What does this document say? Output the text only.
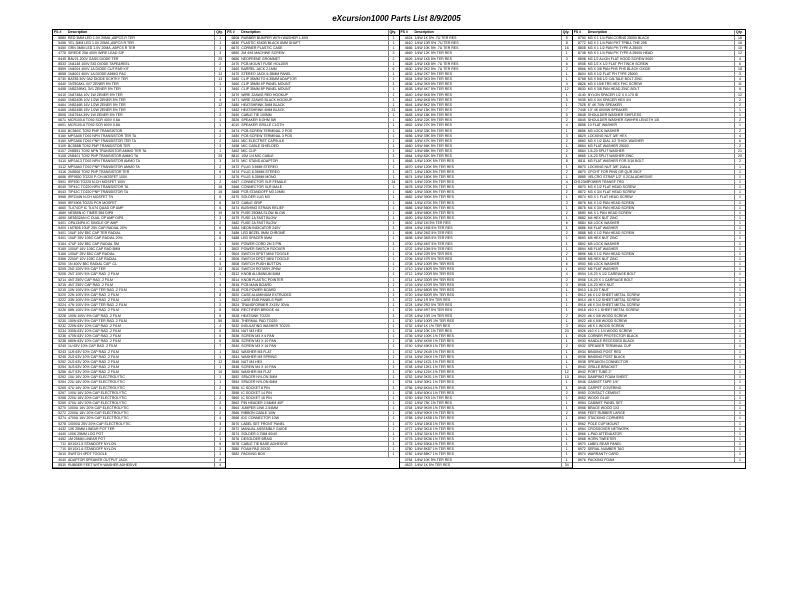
eXcursion1000 Parts List 8/9/2005
FS #	Description	Qty.
5880	RED 3MM LED 1.0V 20MA ,A5PCS R TER	1
5456	YEL 3MM LED 1.0V 20MA ,A5PCS R TER	1
5450	GRN 3MM LED 1.0V 20MA ,A5PCS R TER	1
4775	SIREDE 25A 400V WIRE LEAD SIP	3
8445	BAV21 200V GASS DIODE TER	25
8533	1N4148 100V SIG DIODE TAPE&REEL	2
8559	1N4004 400V 1A DIODE CUT/FAR KIT	2
8658	1N4001 400V 1A DIODE AMMO PAC	12
6730	BAT85 30V 0A2 DIODE SCHTKY TER	13
6440	1N750AKL 4V7 ZENER 5% TER	1
6458	1N5229BKL 3V1 ZENER 5% TER	1
6410	1N4748A 10V 1W ZENER 5% TER	1
6460	1N5240B 10V 1/2W ZENER 5% TER	4
6464	1N5246B 16V 1/2W ZENER 5% TER	12
6465	1N5245B 15V 1/2W ZENER 5% TER	7
6505	1N4754A 39V 1W ZENER 5% TER	2
6671	MCR100-6 TO92 SCR 400V 0.8A	1
6601	MCR100-6 TO92 SCR 600V 0.8A	1
5100	BC560C TO92 PNP TRANSISTOR	4
5160	MPSA05 TO92 NPN TRANSISTOR TER TA	2
5160	MPSA56 TO92 PNP TRANSISTOR TER TA	2
5105	BC558B TO92 PNP TRANSISTOR TER	3
5107	2N5551 TO92 NPN TRANSISTOR AMMO TER TA	1
5108	2N5401 TO92 PNP TRANSISTOR AMMO TA	25
5110	MPSA13 TO92 NPN TRANSISTOR AMMO TA	3
5112	MPSA63 TO92 PNP TRANSISTOR AMMO TA	2
5116	2N3906 TO92 PNP TRANSISTOR TER	6
6656	IRF9530 TO220 P-CH MOSFET 100V	1
5901	IRF530 TO220 N-CH MOSFET 100V	2
8040	TIP41C TO220 NPN TRANSISTOR TA	16
8043	TIP42C TO220 PNP TRANSISTOR TA	16
5968	IRFZ44N N-CH MOSFET TN	6
5969	IRF4905 TO220 PCH MOSFET	6
4660	TL074CP IC TL074 QUAD OP AMP	6
4689	NE555N IC TIMER 555 DIP8	19
4690	NE5532AN IC DUAL OP AMP DIP8	3
6401	OPA134PA IC SINGLE OP AMP	2
5400	LM7805 10UF 25V CAP RADIAL 20%	6
5401	10UF 16V 85C CAP TER RADIAL	6
5401	10UF 35V 105C CAP RADIAL 20%	6
5164	47UF 16V 85C CAP RADIAL SM	1
5165	100UF 16V 105C CAP RAD 5MM	2
5166	100UF 25V 85C CAP RADIAL	3
5366	220UF 10V 105C CAP RADIAL	4
5200	1N 400V 85C RADIAL CAP .CL	3
5205	2N2 100V 5% CAP TER	10
5208	2N7 100V 5% CAP RAD .2 FILM	1
5214	4N7 250V CAP RAD .2 FILM	7
5215	4N7 250V CAP RAD .2 FILM	4
5215	10N 100V 5% CAP TER RAD .2 FILM	1
5220	22N 100V 5% CAP RAD .2 FILM	8
5222	33N 100V 5% CAP RAD .2 FILM	1
5224	47N 100V 5% CAP TER RAD .2 FILM	2
5226	68N 100V 5% CAP RAD .2 FILM	8
5228	100N 100V 5% CAP RAD .2 FILM	5
5230	150N 63V 5% CAP TER RAD .2 FILM	56
5232	220N 63V 10% CAP RAD .2 FILM	4
5234	330N 63V 10% CAP RAD .2 FILM	5
5236	470N 63V 10% CAP RAD .2 FILM	5
5238	680N 63V 10% CAP RAD .2 FILM	6
5240	1U 63V 10% CAP RAD .2 FILM	7
5243	1U5 63V 10% CAP RAD .2 FILM	1
5245	2U2 63V 10% CAP RAD .2 FILM	1
5252	2U2 63V 20% CAP RAD .2 FILM	12
5254	3U3 63V 20% CAP RAD .2 FILM	1
5256	4U7 63V 20% CAP RAD .2 FILM	10
5262	10U 16V 20% CAP ELECTROLYTIC	1
5264	22U 16V 20% CAP ELECTROLYTIC	1
5265	47U 16V 20% CAP ELECTROLYTIC	2
5267	100U 16V 20% CAP ELECTROLYTIC	1
5268	220U 16V 20% CAP ELECTROLYTIC	2
5269	470U 16V 20% CAP ELECTROLYTIC	2
5270	1000U 16V 20% CAP ELECTROLYTIC	4
5272	2200U 16V 20% CAP ELECTROLYTIC	2
5274	4700U 16V 20% CAP ELECTROLYTIC	4
5278	10000U 25V 20% CAP ELECTROLYTIC	3
4432	10K 25MM LINEAR POT TER	2
4440	100K 25MM LOG POT	2
4452	1M 25MM LINEAR POT	1
711	8X10X1.5 STANDOFF NYLON	5
710	8X10X1.6 STANDOFF NYLON	3
2610	SWITCH 4PDT TOGGLE	1
4040	ADAPTOR SPEAKER OUTPUT JACK	4
8530	RUBBER FEET WITH WASHER ADHESIVE	4
FS #	Description	Qty.
6808	RUBBER BUMPER WITH WASHER 1.5X5	1
6830	PLASTIC KNOB BLACK 6MM SHAFT	1
6670	CORNER PLASTIC CASE	1
6850	2M 4X6 MACHINE SCREW	3
9680	NEOPRENE GROMMET	2
2470	PCB MOUNT FUSE HOLDER	1
3460	BARREL JACK 2.1MM	6
3470	STEREO JACK 6.35MM PANEL	1
3460	CLIP 35MM TO 6.35MM ADAPTOR	1
3460	CLIP 35MM 4P PANEL MOUNT	1
3460	CLIP 35MM 8P PANEL MOUNT	1
3470	WIRE 22AWG RED HOOKUP	1
3471	WIRE 22AWG BLACK HOOKUP	1
3480	HEATSHRINK 3MM BLACK	1
3482	HEATSHRINK 6MM BLACK	31
3490	CABLE TIE 100MM	1
3526	SPEAKER 8 OHM 5W	1
4010	SPEAKER GRILLE CLOTH	1
3474	PCB SCREW TERMINAL 2 POS	1
3480	PCB SCREW TERMINAL 3 POS	1
3454	MIC ELECTRET CAPSULE	1
3458	MIC CABLE SHIELDED	1
3462	MIC CLIP	1
8810	10M 1/4 MIC CABLE	1
3470	MIC STAND ADAPTOR	1
3472	PLUG 3.5MM STEREO	1
3474	PLUG 6.35MM STEREO	1
3476	PLUG 6.35MM MONO	1
6467	CONNECTOR XLR FEMALE	34
3466	CONNECTOR XLR MALE	1
3468	PCB STANDOFF M3 10MM	1
3470	SOLDER LUG M3	1
3472	CABLE GRIP	1
3474	BUSHING STRAIN RELIEF	1
3476	FUSE 250MA SLOW BLOW	1
3479	FUSE 1A FAST BLOW	1
3482	FUSE 2A FAST BLOW	1
3484	NEON INDICATOR 240V	1
3486	LED BEZEL 5MM CHROME	1
3488	LED SPACER 5MM	1
3490	POWER CORD 2M 3 PIN	1
3502	POWER SWITCH ROCKER	1
3504	SWITCH SPDT MINI TOGGLE	1
3506	SWITCH DPDT MINI TOGGLE	1
3508	SWITCH PUSH BUTTON	1
3510	SWITCH ROTARY 2P6W	1
3512	KNOB ALUMINIUM 6MM	1
3514	KNOB PLASTIC POINTER	1
3516	PCB MAIN BOARD	1
3518	PCB POWER BOARD	1
3520	CASE ALUMINIUM EXTRUDED	1
3522	CASE END PANELS PAIR	1
3524	TRANSFORMER 2X15V 30VA	1
3526	RECTIFIER BRIDGE 4A	1
3528	HEATSINK TO220	1
3530	THERMAL PAD TO220	1
3532	INSULATING WASHER TO220	1
3534	NUT M3 HEX	1
3536	SCREW M3 X 6 PAN	1
3538	SCREW M3 X 10 PAN	1
3540	SCREW M3 X 16 PAN	1
3542	WASHER M3 FLAT	1
3544	WASHER M3 SPRING	1
3546	NUT M4 HEX	1
3548	SCREW M4 X 10 PAN	1
3550	WASHER M4 FLAT	1
3552	SPACER NYLON 3MM	1
3554	SPACER NYLON 6MM	1
3556	IC SOCKET 8 PIN	1
3558	IC SOCKET 14 PIN	1
3560	IC SOCKET 16 PIN	1
3562	PIN HEADER 2.54MM 40P	1
3564	JUMPER LINK 2.54MM	1
3566	RIBBON CABLE 10W	1
3568	IDC CONNECTOR 10W	1
3570	LABEL SET FRONT PANEL	1
3572	MANUAL ASSEMBLY GUIDE	1
3574	SOLDER 0.7MM 60/40	1
3576	DESOLDER BRAID	1
3578	CABLE TIE BASE ADHESIVE	1
3580	FOAM PAD 20X20	1
3582	PACKING BOX	1
FS #	Description	Qty.
4624	1/4W 1K 5% .7U TER RES	5
4610	1/4W 10R 5% .7U TER RES	8
4666	1/4W 10K 5% .7U TER RES	16
4669	1/4W 12K 5% TER RES	1
4626	1/4W 1K5 5% TER RES	3
4628	1/4W 1K8 5% .7U TER RES	6
4630	1/4W 2K2 5% .7U TER RES	2
4632	1/4W 2K7 5% TER RES	1
4634	1/4W 3K3 5% TER RES	1
4636	1/4W 3K9 5% TER RES	4
4638	1/4W 4K7 5% TER RES	12
4640	1/4W 5K6 5% TER RES	1
4642	1/4W 6K8 5% TER RES	3
4644	1/4W 8K2 5% TER RES	1
4646	1/4W 15K 5% TER RES	7
4648	1/4W 18K 5% TER RES	5
4650	1/4W 22K 5% TER RES	2
4652	1/4W 27K 5% TER RES	4
4654	1/4W 33K 5% TER RES	1
4656	1/4W 39K 5% TER RES	3
4658	1/4W 47K 5% TER RES	2
4660	1/4W 56K 5% TER RES	1
4662	1/4W 68K 5% TER RES	2
4664	1/4W 82K 5% TER RES	1
4668	1/4W 100K 5% TER RES	8
4670	1/4W 120K 5% TER RES	1
4672	1/4W 150K 5% TER RES	2
4674	1/4W 180K 5% TER RES	1
4676	1/4W 220K 5% TER RES	4
4678	1/4W 270K 5% TER RES	1
4680	1/4W 330K 5% TER RES	2
4682	1/4W 390K 5% TER RES	1
4684	1/4W 470K 5% TER RES	3
4686	1/4W 560K 5% TER RES	1
4688	1/4W 680K 5% TER RES	2
4690	1/4W 820K 5% TER RES	1
4692	1/4W 1M 5% TER RES	6
4694	1/4W 1M5 5% TER RES	1
4696	1/4W 2M2 5% TER RES	2
4698	1/4W 3M3 5% TER RES	1
4700	1/4W 4M7 5% TER RES	1
4702	1/4W 10M 5% TER RES	1
4704	1/4W 22R 5% TER RES	2
4706	1/4W 47R 5% TER RES	1
4708	1/4W 100R 5% TER RES	6
4710	1/4W 150R 5% TER RES	1
4712	1/4W 220R 5% TER RES	4
4714	1/4W 330R 5% TER RES	2
4716	1/4W 470R 5% TER RES	3
4718	1/4W 680R 5% TER RES	1
4720	1/4W 820R 5% TER RES	1
4722	1/4W 1R 5% TER RES	1
4724	1/4W 2R2 5% TER RES	1
4726	1/4W 4R7 5% TER RES	1
4728	1/4W 10R 1% TER RES	2
4730	1/4W 100R 1% TER RES	1
4732	1/4W 1K 1% TER RES	3
4734	1/4W 10K 1% TER RES	24
4736	1/4W 100K 1% TER RES	1
4738	1/4W 4K99 1% TER RES	1
4740	1/4W 49K9 1% TER RES	2
4742	1/4W 2K49 1% TER RES	1
4744	1/4W 24K9 1% TER RES	1
4746	1/4W 1K21 1% TER RES	1
4748	1/4W 12K1 1% TER RES	1
4750	1/4W 121K 1% TER RES	12
4752	1/4W 3K01 1% TER RES	10
4754	1/4W 30K1 1% TER RES	1
4756	1/4W 6K04 1% TER RES	1
4758	1/4W 60K4 1% TER RES	2
4760	1/4W 7K5 1% TER RES	1
4762	1/4W 75K 1% TER RES	1
4764	1/4W 9K09 1% TER RES	1
4766	1/4W 90K9 1% TER RES	2
4768	1/4W 1K58 1% TER RES	1
4770	1/4W 15K8 1% TER RES	1
4772	1/4W 3K16 1% TER RES	1
4774	1/4W 31K6 1% TER RES	1
4776	1/4W 5K36 1% TER RES	1
4778	1/4W 53K6 1% TER RES	1
4780	1/4W 8K87 1% TER RES	1
4782	1/4W 88K7 1% TER RES	1
4784	1/4W 10K 5% TER RES	1
4823	1/4W 1K 5% TER RES	34
FS #	Description	Qty.
8750	M3 X 1 1/4 PAN CORNS 25000 BLACK	16
8772	M3 X 1 1/4 PAN PHT TPBLL THE 295	16
8808	M3 X 1 1/2 PAN PH TYPE A 25000	10
8748	M3 X 1 1/4 PAN PH TYPE A 25000 HEAD	12
8898	M3 1/2 ALIGN FLAT HOOD SCREW 5000	4
8908	M3 1/2 X 1/2 FLAT PH TINCH SCREW	6
8866	M3 X 3/8 PAN PHS PHS BLACK OXIDE	18
8604	M3 X 1/2 FLAT PH TYPE 25000	3
8768	M3 X 5/8 1/2 CALTALE BOLT ZINC	4
8826	M3 X 10/8 TRS HEX FHC SCREW	11
8830	M3 X 3/8 PAN HEAD ZINC BOLT	6
4140	NYLON SPACER 1/2 X 0.170 ID	12
9035	M3 X 3/4 SPACER HEX 4/4	2
7528	8" 4K 70W SPEAKER	2
7448	10" 4K 6000W SPEAKER	1
8848	SHOULDER WASHER SIHFLESS	1
8845	SHOULDER WASHER SWIHFB LENGTH 1/8	2
8858	10 FLAT WASHER	1
8856	M3 LOCK WASHER	2
8829	LOCKING NUT 3/8" HEX	4
8860	M3 X 1/2 DIAL 1/2 THICK WASHER	6
8864	M3 FLAT WASHER 25000	2
8864	1/4-20 SPLIT WASHER	21
8865	1/4-20 SPLIT WASHER ZINC	20
8811	M3 FLAT WASHER FOR 3/16 BOLT	2
8870	LOCKING NUT 3/8" 20ALA	1
8870	CPCHT FOR PINS GR QUR 25CF	1
8885	VELCRO STRAP 1/2" X 2CALADHESIVE	1
CH12345	POWER TRANSF TRD	1
8870	M3 X 1/2 FLAT HEAD SCREW	1
8872	M3 X 3/4 FLAT HEAD SCREW	1
8874	M3 X 1 FLAT HEAD SCREW	1
8876	M4 X 1/2 PAN HEAD SCREW	1
8878	M4 X 3/4 PAN HEAD SCREW	1
8880	M4 X 1 PAN HEAD SCREW	1
8882	M4 HEX NUT ZINC	1
8884	M4 LOCK WASHER	1
8886	M4 FLAT WASHER	1
8888	M5 X 1/2 PAN HEAD SCREW	1
8890	M5 HEX NUT ZINC	1
8892	M5 LOCK WASHER	1
8894	M5 FLAT WASHER	1
8896	M6 X 1/2 PAN HEAD SCREW	1
8898	M6 HEX NUT ZINC	1
8900	M6 LOCK WASHER	1
8902	M6 FLAT WASHER	1
8904	1/4-20 X 1/2 CARRIAGE BOLT	1
8906	1/4-20 X 1 CARRIAGE BOLT	1
8908	1/4-20 HEX NUT	1
8910	1/4-20 T-NUT	1
8912	#6 X 1/2 SHEET METAL SCREW	1
8914	#8 X 1/2 SHEET METAL SCREW	1
8916	#8 X 3/4 SHEET METAL SCREW	1
8918	#10 X 1 SHEET METAL SCREW	1
8920	#6 X 3/8 WOOD SCREW	1
8922	#8 X 5/8 WOOD SCREW	1
8924	#8 X 1 WOOD SCREW	1
8926	#10 X 1 1/4 WOOD SCREW	1
8928	CORNER PROTECTOR BLACK	1
8930	HANDLE RECESSED BLACK	1
8932	SPEAKER TERMINAL CUP	1
8934	BINDING POST RED	1
8936	BINDING POST BLACK	1
8938	SPEAKON CONNECTOR	1
8940	GRILLE BRACKET	1
8942	PORT TUBE 2"	1
8944	DAMPING FOAM SHEET	1
8946	GASKET TAPE 1/4"	1
8948	CARPET COVERING	1
8950	CONTACT CEMENT	1
8952	WOOD GLUE	1
8954	CABINET PANEL SET	1
8956	BRACE WOOD 1X2	1
8958	FEET RUBBER LARGE	1
8960	STACKING CORNERS	1
8962	POLE CUP MOUNT	1
8964	CROSSOVER NETWORK	1
8966	L-PAD ATTENUATOR	1
8968	HORN TWEETER	1
8970	LABEL REAR PANEL	1
8972	SERIAL NUMBER TAG	1
8974	WARRANTY CARD	1
8976	PACKING FOAM	1
